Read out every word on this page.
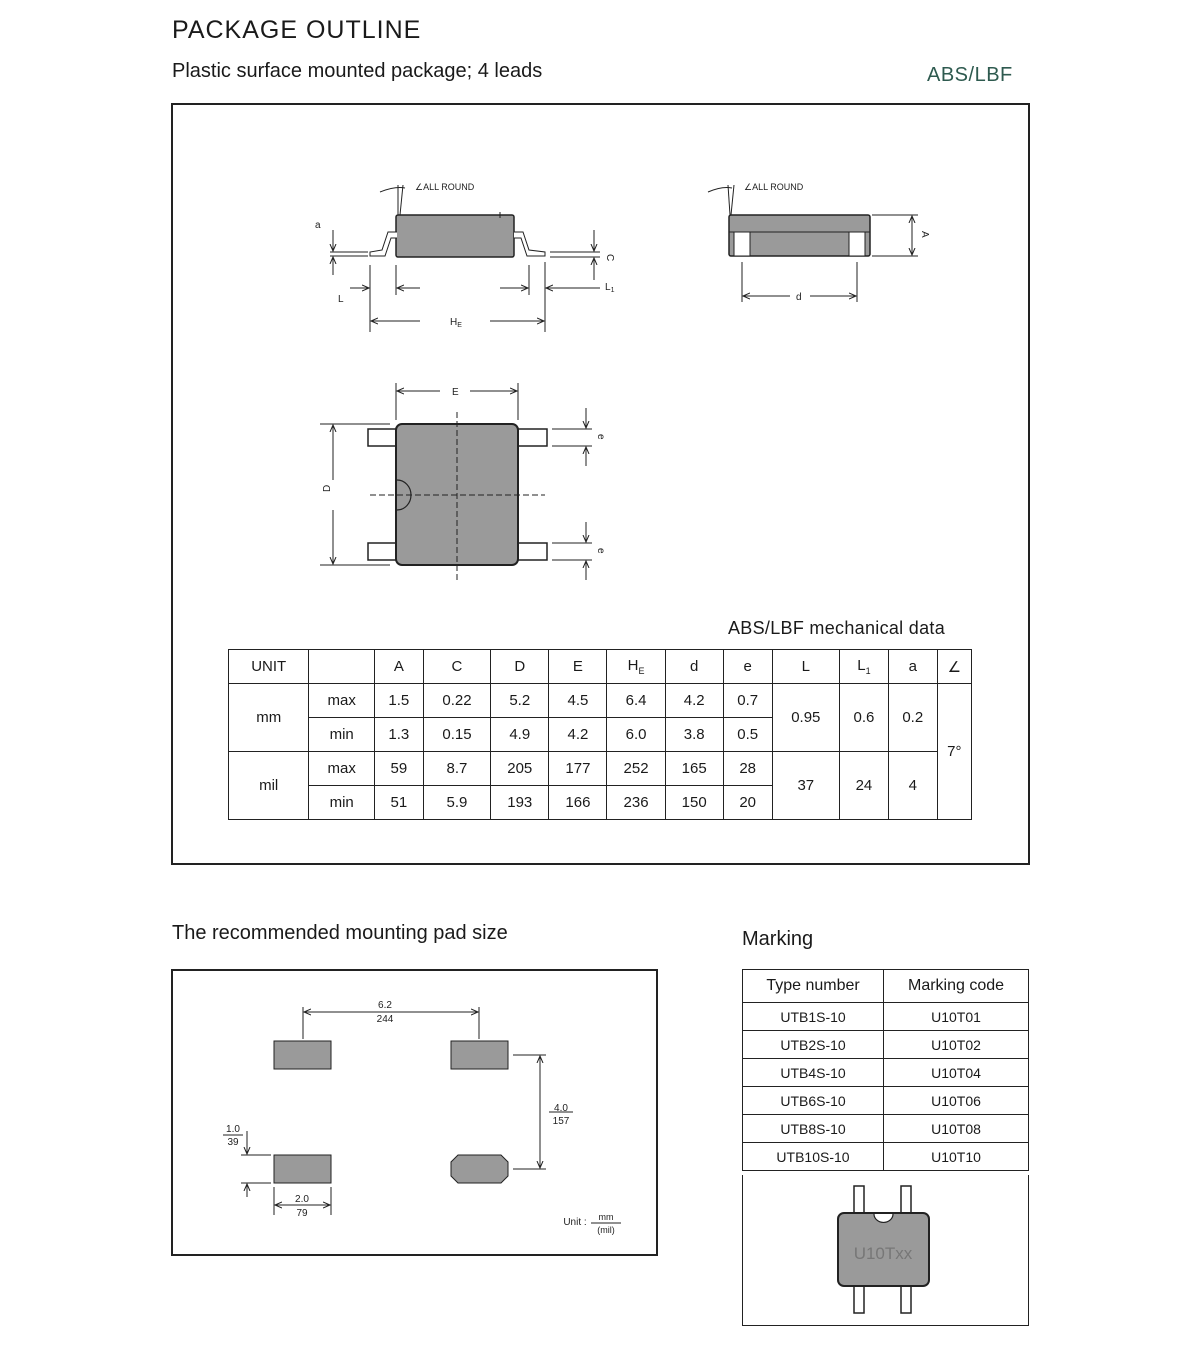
PACKAGE OUTLINE
Plastic surface mounted package; 4 leads	ABS/LBF
∠ALL ROUND	∠ALL ROUND
a
L
$H_E$
$L_1$
C
A
d
E
D
e
e
ABS/LBF mechanical data
UNIT		A	C	D	E	$H_E$	d	e	L	$L_1$	a	∠
mm	max	1.5	0.22	5.2	4.5	6.4	4.2	0.7	0.95	0.6	0.2	7°
	min	1.3	0.15	4.9	4.2	6.0	3.8	0.5				
mil	max	59	8.7	205	177	252	165	28	37	24	4	
	min	51	5.9	193	166	236	150	20				
The recommended mounting pad size
6.2
244
4.0
157
1.0
39
2.0
79
Unit : mm
(mil)
Marking
Type number	Marking code
UTB1S-10	U10T01
UTB2S-10	U10T02
UTB4S-10	U10T04
UTB6S-10	U10T06
UTB8S-10	U10T08
UTB10S-10	U10T10
U10Txx
